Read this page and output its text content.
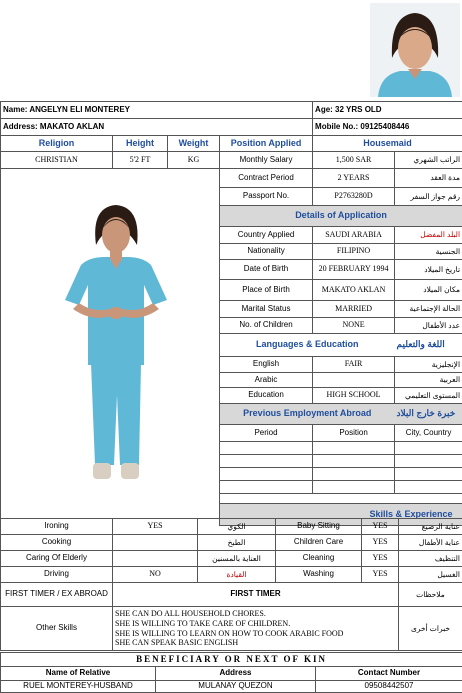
Name: ANGELYN ELI MONTEREY				Age: 32 YRS OLD		
Address: MAKATO AKLAN				Mobile No.: 09125408446		
Religion	Height	Weight	Position Applied	Housemaid		
CHRISTIAN	5'2 FT	KG	Monthly Salary	1,500 SAR	الراتب الشهري	

	Contract Period	2 YEARS	مدة العقد	
			Passport No.	P2763280D	رقم جواز السفر	
			Details of Application			
			Country Applied	SAUDI ARABIA	البلد المفضل	
			Nationality	FILIPINO	الجنسية	
			Date of Birth	20 FEBRUARY 1994	تاريخ الميلاد	
			Place of Birth	MAKATO AKLAN	مكان الميلاد	
			Marital Status	MARRIED	الحالة الإجتماعية	
			No. of Children	NONE	عدد الأطفال	
			Languages & Education		اللغة والتعليم	
			English	FAIR	الإنجليزية	
			Arabic		العربية	
			Education	HIGH SCHOOL	المستوى التعليمي	
			Previous Employment Abroad		خبرة خارج البلاد	
			Period	Position	City, Country	

			Skills & Experience	
Ironing	YES	الكوي	Baby Sitting	YES	عناية الرضيع
Cooking		الطبخ	Children Care	YES	عناية الأطفال
Caring Of Elderly		العناية بالمسنين	Cleaning	YES	التنظيف
Driving	NO	القيادة	Washing	YES	الغسيل
FIRST TIMER / EX ABROAD	FIRST TIMER				ملاحظات
Other Skills	SHE CAN DO ALL HOUSEHOLD CHORES.
SHE IS WILLING TO TAKE CARE OF CHILDREN.
SHE IS WILLING TO LEARN ON HOW TO COOK ARABIC FOOD
SHE CAN SPEAK BASIC ENGLISH				خبرات أخرى
BENEFICIARY OR NEXT OF KIN		
Name of Relative	Address	Contact Number
RUEL MONTEREY-HUSBAND	MULANAY QUEZON	09508442507
